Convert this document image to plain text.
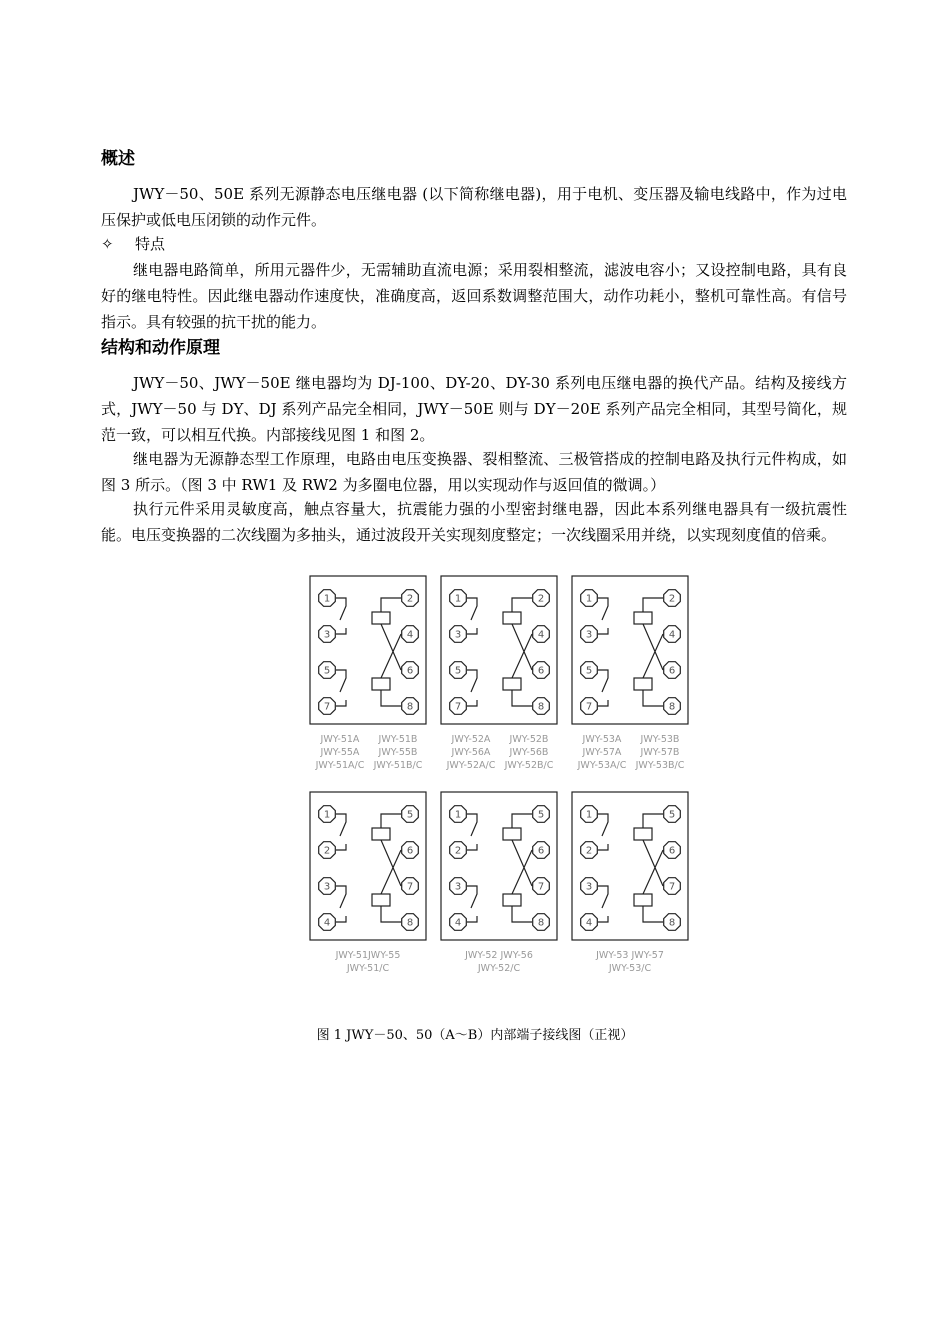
概述

JWY－50、50E 系列无源静态电压继电器 (以下简称继电器)，用于电机、变压器及输电线路中，作为过电压保护或低电压闭锁的动作元件。

✧ 特点

继电器电路简单，所用元器件少，无需辅助直流电源；采用裂相整流，滤波电容小；又设控制电路，具有良好的继电特性。因此继电器动作速度快，准确度高，返回系数调整范围大，动作功耗小，整机可靠性高。有信号指示。具有较强的抗干扰的能力。

结构和动作原理

JWY－50、JWY－50E 继电器均为 DJ-100、DY-20、DY-30 系列电压继电器的换代产品。结构及接线方式，JWY－50 与 DY、DJ 系列产品完全相同，JWY－50E 则与 DY－20E 系列产品完全相同，其型号简化，规范一致，可以相互代换。内部接线见图 1 和图 2。

继电器为无源静态型工作原理，电路由电压变换器、裂相整流、三极管搭成的控制电路及执行元件构成，如图 3 所示。（图 3 中 RW1 及 RW2 为多圈电位器，用以实现动作与返回值的微调。）

执行元件采用灵敏度高，触点容量大，抗震能力强的小型密封继电器，因此本系列继电器具有一级抗震性能。电压变换器的二次线圈为多抽头，通过波段开关实现刻度整定；一次线圈采用并绕，以实现刻度值的倍乘。

1	2
3	4
5	6
7	8
JWY-51A
JWY-55A
JWY-51A/C
JWY-51B
JWY-55B
JWY-51B/C
1	2
3	4
5	6
7	8
JWY-52A
JWY-56A
JWY-52A/C
JWY-52B
JWY-56B
JWY-52B/C
1	2
3	4
5	6
7	8
JWY-53A
JWY-57A
JWY-53A/C
JWY-53B
JWY-57B
JWY-53B/C
1	5
2	6
3	7
4	8
JWY-51JWY-55
JWY-51/C
1	5
2	6
3	7
4	8
JWY-52 JWY-56
JWY-52/C
1	5
2	6
3	7
4	8
JWY-53 JWY-57
JWY-53/C
图 1 JWY－50、50（A～B）内部端子接线图（正视）
